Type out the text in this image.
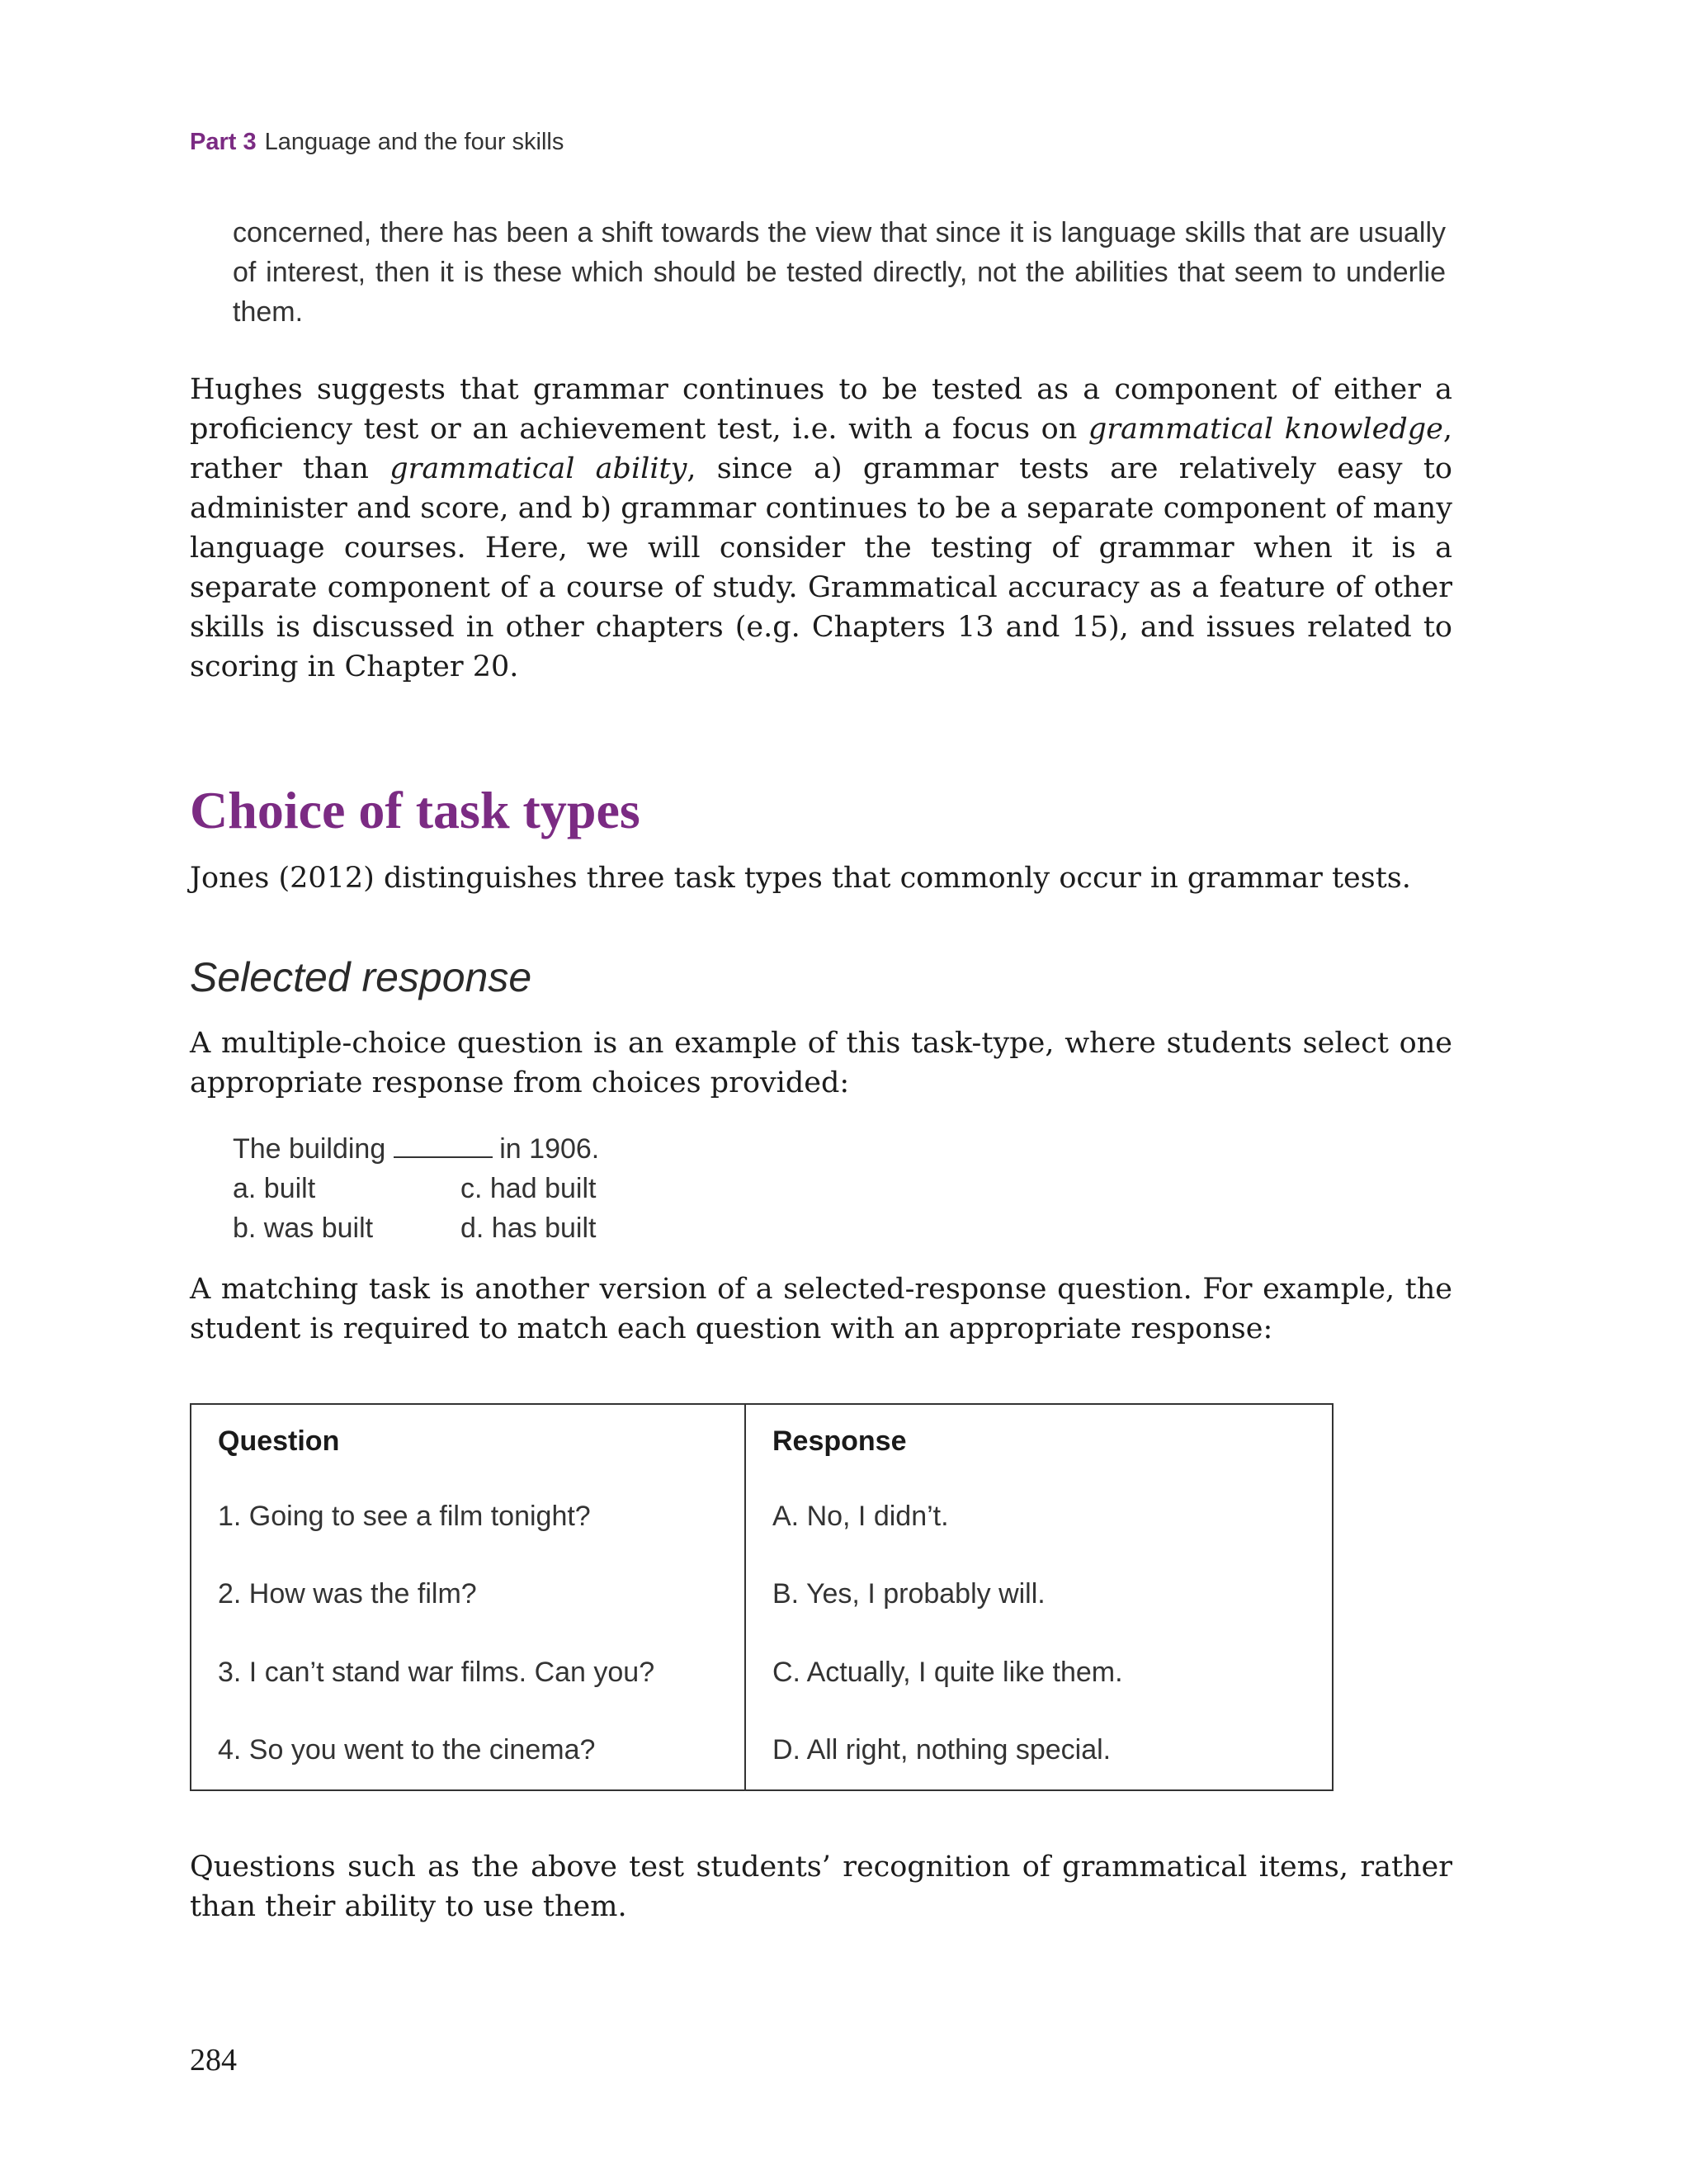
Part 3 Language and the four skills

concerned, there has been a shift towards the view that since it is language skills that are usually of interest, then it is these which should be tested directly, not the abilities that seem to underlie them.

Hughes suggests that grammar continues to be tested as a component of either a proficiency test or an achievement test, i.e. with a focus on grammatical knowledge, rather than grammatical ability, since a) grammar tests are relatively easy to administer and score, and b) grammar continues to be a separate component of many language courses. Here, we will consider the testing of grammar when it is a separate component of a course of study. Grammatical accuracy as a feature of other skills is discussed in other chapters (e.g. Chapters 13 and 15), and issues related to scoring in Chapter 20.

Choice of task types

Jones (2012) distinguishes three task types that commonly occur in grammar tests.

Selected response

A multiple-choice question is an example of this task-type, where students select one appropriate response from choices provided:

The building	in 1906.
a. built	c. had built
b. was built	d. has built

A matching task is another version of a selected-response question. For example, the student is required to match each question with an appropriate response:

Question	Response
1. Going to see a film tonight?	A. No, I didn’t.
2. How was the film?	B. Yes, I probably will.
3. I can’t stand war films. Can you?	C. Actually, I quite like them.
4. So you went to the cinema?	D. All right, nothing special.

Questions such as the above test students’ recognition of grammatical items, rather than their ability to use them.

284
